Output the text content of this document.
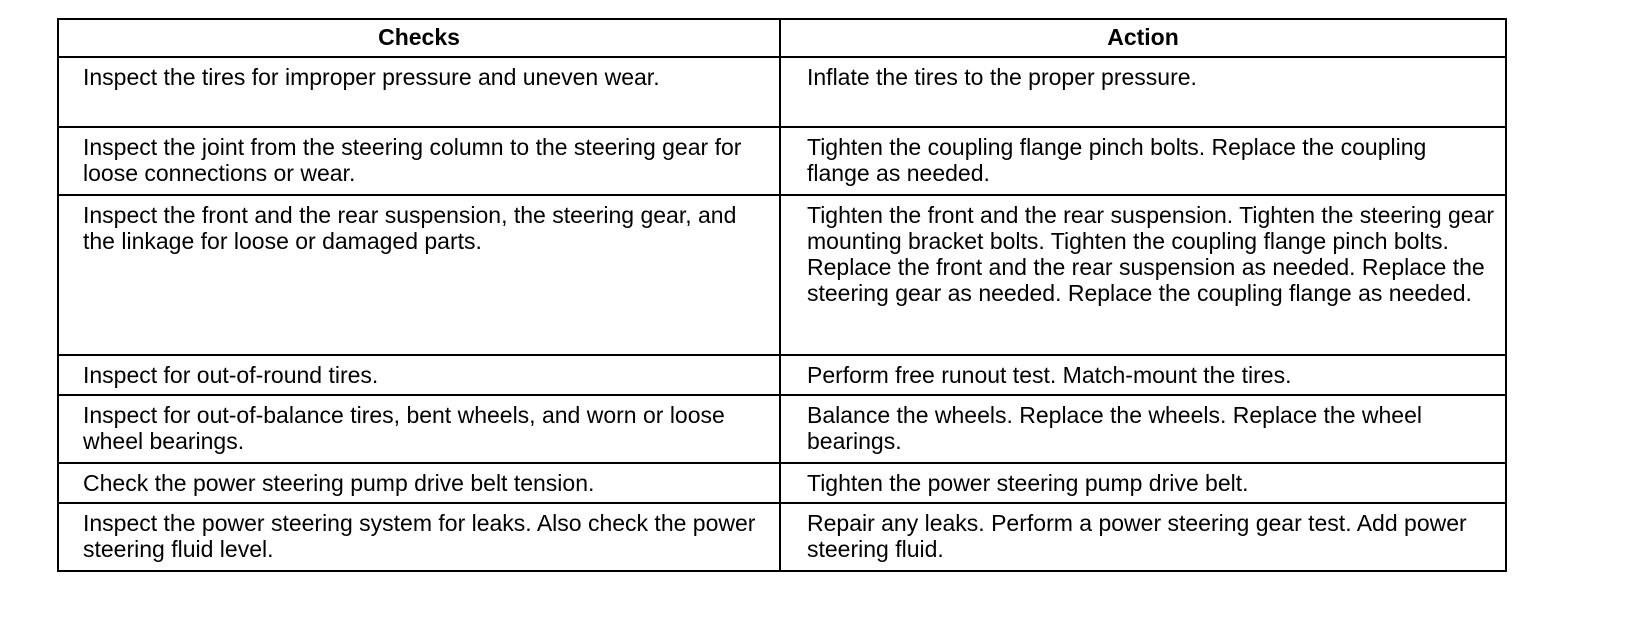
Checks	Action
Inspect the tires for improper pressure and uneven wear.	Inflate the tires to the proper pressure.
Inspect the joint from the steering column to the steering gear for loose connections or wear.	Tighten the coupling flange pinch bolts. Replace the coupling flange as needed.
Inspect the front and the rear suspension, the steering gear, and the linkage for loose or damaged parts.	Tighten the front and the rear suspension. Tighten the steering gear mounting bracket bolts. Tighten the coupling flange pinch bolts. Replace the front and the rear suspension as needed. Replace the steering gear as needed. Replace the coupling flange as needed.
Inspect for out-of-round tires.	Perform free runout test. Match-mount the tires.
Inspect for out-of-balance tires, bent wheels, and worn or loose wheel bearings.	Balance the wheels. Replace the wheels. Replace the wheel bearings.
Check the power steering pump drive belt tension.	Tighten the power steering pump drive belt.
Inspect the power steering system for leaks. Also check the power steering fluid level.	Repair any leaks. Perform a power steering gear test. Add power steering fluid.
